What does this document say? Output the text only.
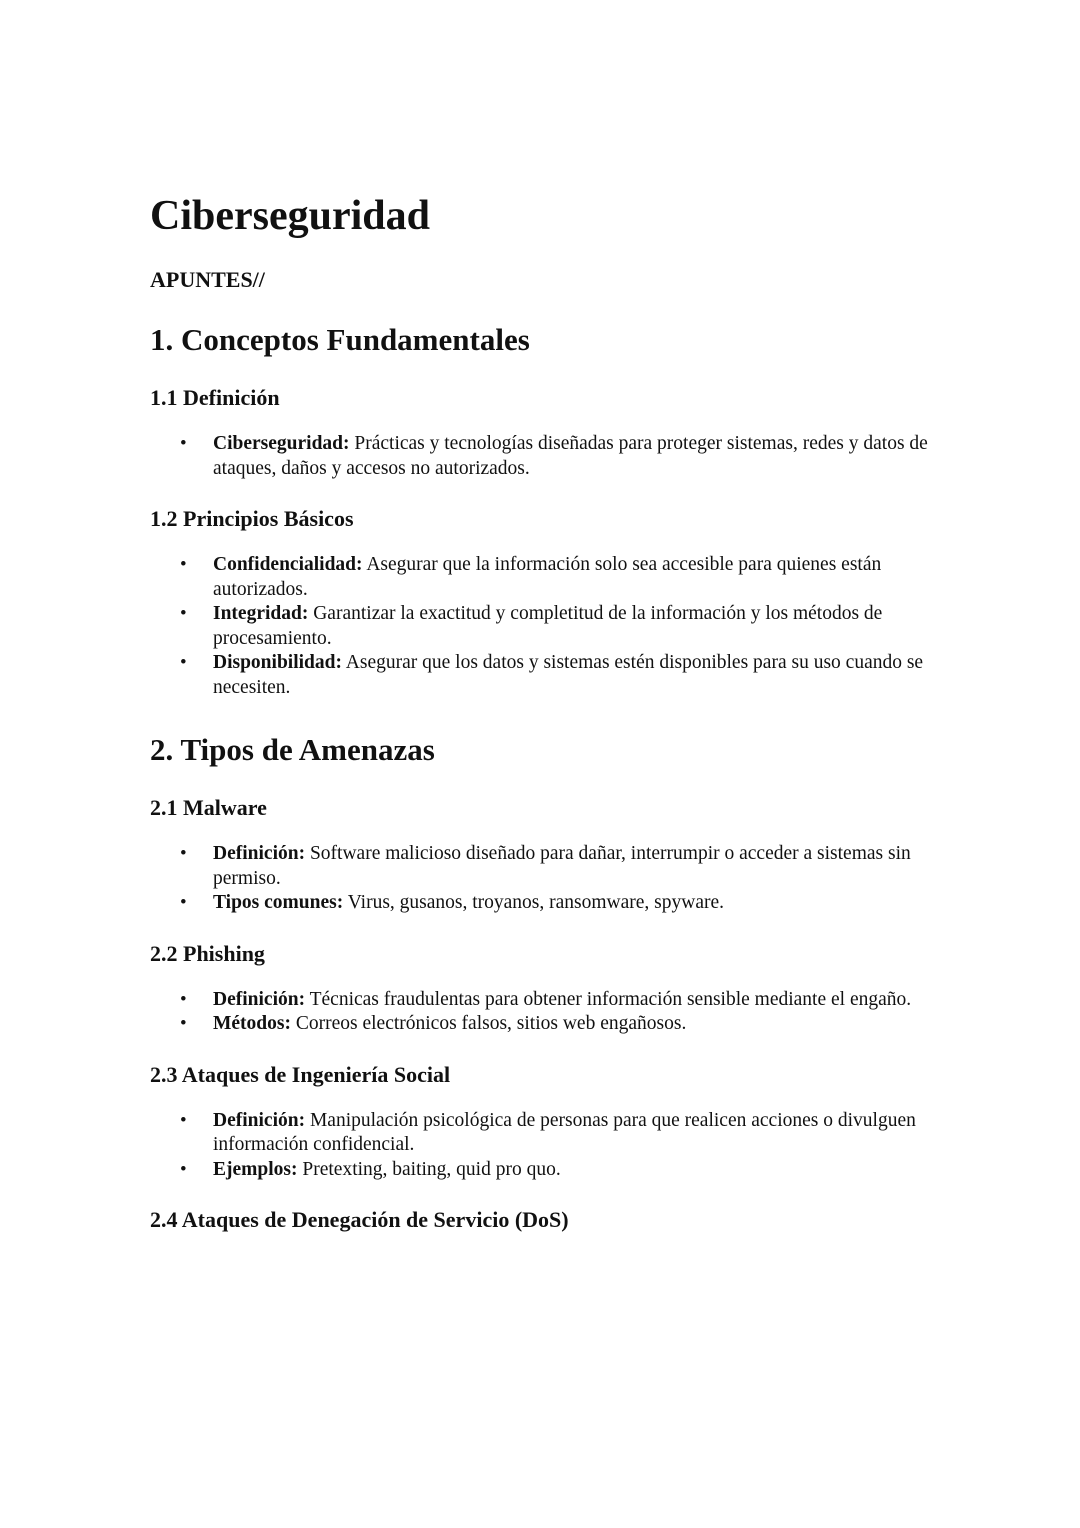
Ciberseguridad
APUNTES//
1. Conceptos Fundamentales
1.1 Definición
• Ciberseguridad: Prácticas y tecnologías diseñadas para proteger sistemas, redes y datos de ataques, daños y accesos no autorizados.
1.2 Principios Básicos
• Confidencialidad: Asegurar que la información solo sea accesible para quienes están autorizados.
• Integridad: Garantizar la exactitud y completitud de la información y los métodos de procesamiento.
• Disponibilidad: Asegurar que los datos y sistemas estén disponibles para su uso cuando se necesiten.
2. Tipos de Amenazas
2.1 Malware
• Definición: Software malicioso diseñado para dañar, interrumpir o acceder a sistemas sin permiso.
• Tipos comunes: Virus, gusanos, troyanos, ransomware, spyware.
2.2 Phishing
• Definición: Técnicas fraudulentas para obtener información sensible mediante el engaño.
• Métodos: Correos electrónicos falsos, sitios web engañosos.
2.3 Ataques de Ingeniería Social
• Definición: Manipulación psicológica de personas para que realicen acciones o divulguen información confidencial.
• Ejemplos: Pretexting, baiting, quid pro quo.
2.4 Ataques de Denegación de Servicio (DoS)
